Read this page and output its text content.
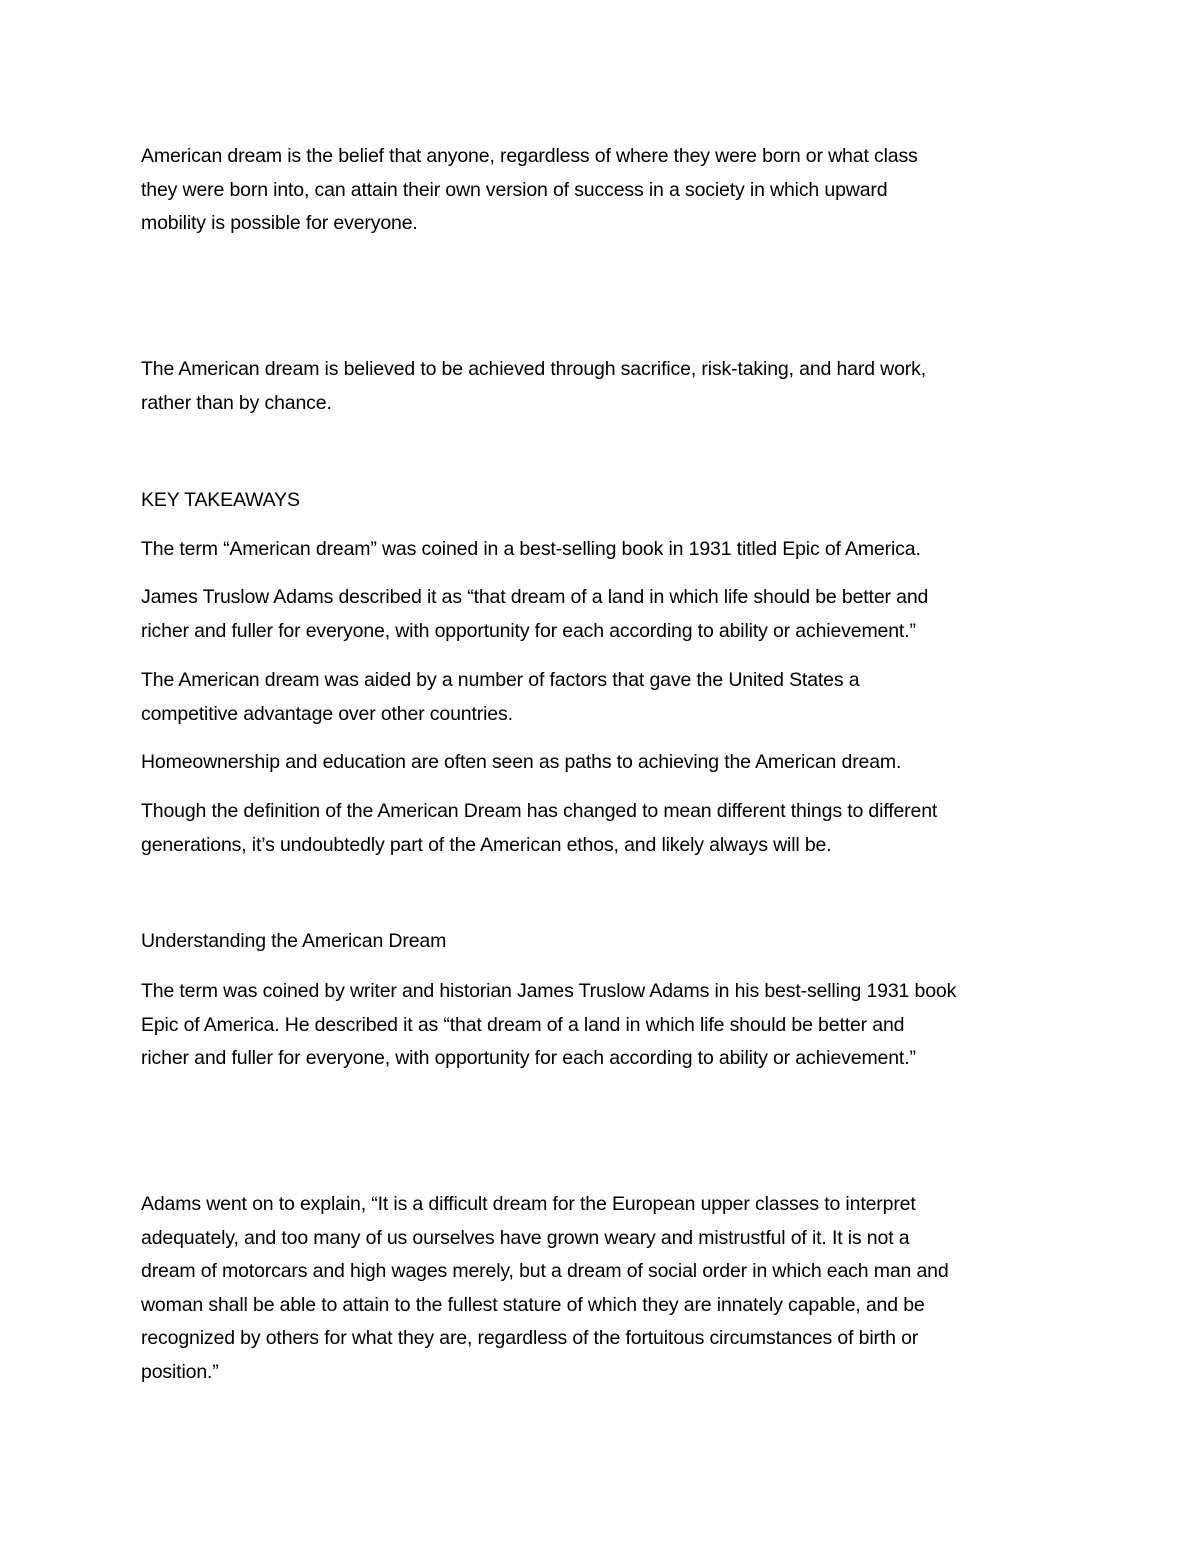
American dream is the belief that anyone, regardless of where they were born or what class
they were born into, can attain their own version of success in a society in which upward
mobility is possible for everyone.

The American dream is believed to be achieved through sacrifice, risk-taking, and hard work,
rather than by chance.

KEY TAKEAWAYS

The term “American dream” was coined in a best-selling book in 1931 titled Epic of America.

James Truslow Adams described it as “that dream of a land in which life should be better and
richer and fuller for everyone, with opportunity for each according to ability or achievement.”

The American dream was aided by a number of factors that gave the United States a
competitive advantage over other countries.

Homeownership and education are often seen as paths to achieving the American dream.

Though the definition of the American Dream has changed to mean different things to different
generations, it’s undoubtedly part of the American ethos, and likely always will be.

Understanding the American Dream

The term was coined by writer and historian James Truslow Adams in his best-selling 1931 book
Epic of America. He described it as “that dream of a land in which life should be better and
richer and fuller for everyone, with opportunity for each according to ability or achievement.”

Adams went on to explain, “It is a difficult dream for the European upper classes to interpret
adequately, and too many of us ourselves have grown weary and mistrustful of it. It is not a
dream of motorcars and high wages merely, but a dream of social order in which each man and
woman shall be able to attain to the fullest stature of which they are innately capable, and be
recognized by others for what they are, regardless of the fortuitous circumstances of birth or
position.”
